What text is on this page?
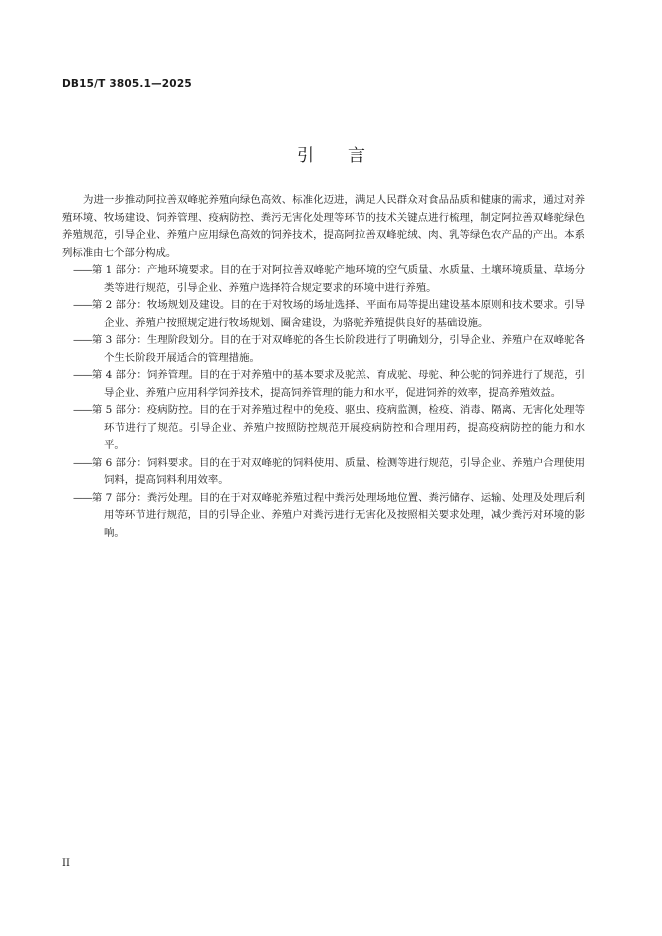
DB15/T 3805.1—2025
引言

为进一步推动阿拉善双峰驼养殖向绿色高效、标准化迈进，满足人民群众对食品品质和健康的需求，通过对养殖环境、牧场建设、饲养管理、疫病防控、粪污无害化处理等环节的技术关键点进行梳理，制定阿拉善双峰驼绿色养殖规范，引导企业、养殖户应用绿色高效的饲养技术，提高阿拉善双峰驼绒、肉、乳等绿色农产品的产出。本系列标准由七个部分构成。

——第 1 部分：产地环境要求。目的在于对阿拉善双峰驼产地环境的空气质量、水质量、土壤环境质量、草场分类等进行规范，引导企业、养殖户选择符合规定要求的环境中进行养殖。

——第 2 部分：牧场规划及建设。目的在于对牧场的场址选择、平面布局等提出建设基本原则和技术要求。引导企业、养殖户按照规定进行牧场规划、圈舍建设，为骆驼养殖提供良好的基础设施。

——第 3 部分：生理阶段划分。目的在于对双峰驼的各生长阶段进行了明确划分，引导企业、养殖户在双峰驼各个生长阶段开展适合的管理措施。

——第 4 部分：饲养管理。目的在于对养殖中的基本要求及驼羔、育成驼、母驼、种公驼的饲养进行了规范，引导企业、养殖户应用科学饲养技术，提高饲养管理的能力和水平，促进饲养的效率，提高养殖效益。

——第 5 部分：疫病防控。目的在于对养殖过程中的免疫、驱虫、疫病监测，检疫、消毒、隔离、无害化处理等环节进行了规范。引导企业、养殖户按照防控规范开展疫病防控和合理用药，提高疫病防控的能力和水平。

——第 6 部分：饲料要求。目的在于对双峰驼的饲料使用、质量、检测等进行规范，引导企业、养殖户合理使用饲料，提高饲料利用效率。

——第 7 部分：粪污处理。目的在于对双峰驼养殖过程中粪污处理场地位置、粪污储存、运输、处理及处理后利用等环节进行规范，目的引导企业、养殖户对粪污进行无害化及按照相关要求处理，减少粪污对环境的影响。

II
